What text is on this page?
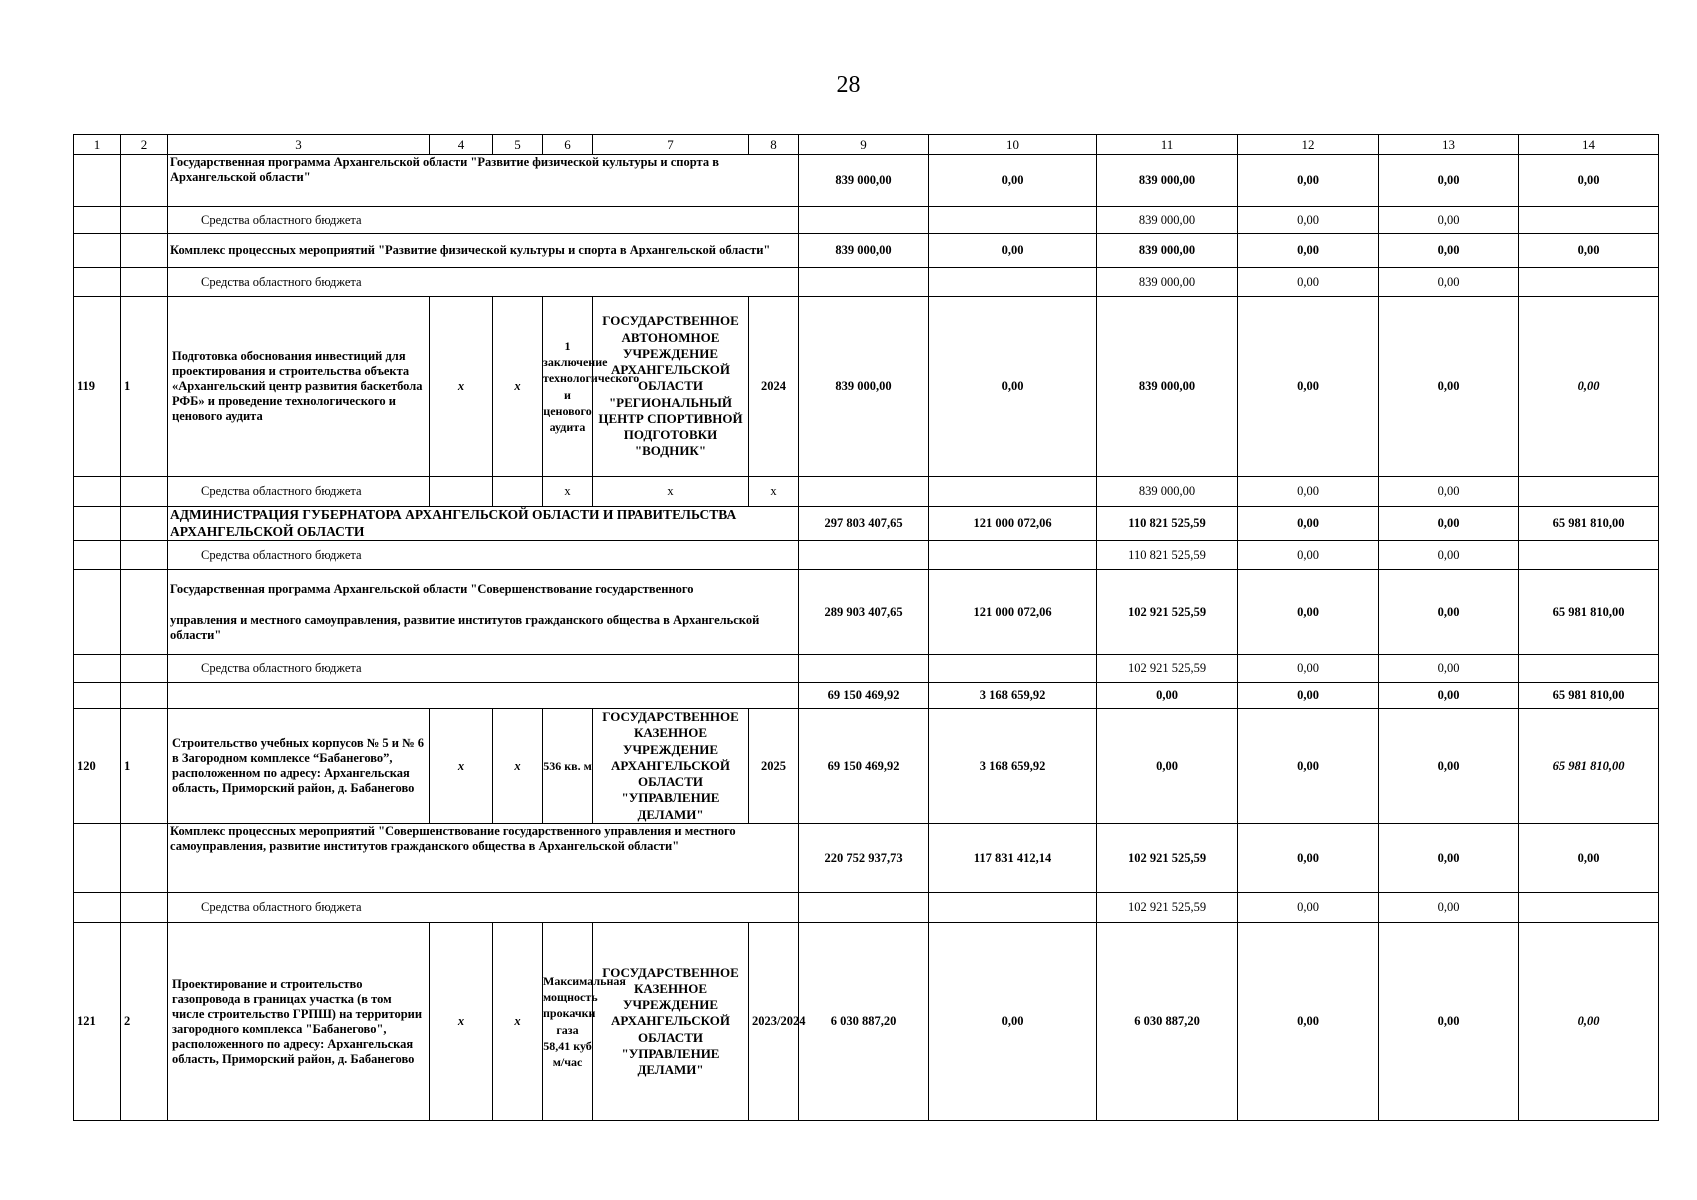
28
1	2	3	4	5	6	7	8	9	10	11	12	13	14
		Государственная программа Архангельской области "Развитие физической культуры и спорта в Архангельской области"						839 000,00	0,00	839 000,00	0,00	0,00	0,00
		Средства областного бюджета								839 000,00	0,00	0,00	
		Комплекс процессных мероприятий "Развитие физической культуры и спорта в Архангельской области"						839 000,00	0,00	839 000,00	0,00	0,00	0,00
		Средства областного бюджета								839 000,00	0,00	0,00	
119	1	Подготовка обоснования инвестиций для проектирования и строительства объекта «Архангельский центр развития баскетбола РФБ» и проведение технологического и ценового аудита	x	x	1 заключение технологического и ценового аудита	ГОСУДАРСТВЕННОЕ АВТОНОМНОЕ УЧРЕЖДЕНИЕ АРХАНГЕЛЬСКОЙ ОБЛАСТИ "РЕГИОНАЛЬНЫЙ ЦЕНТР СПОРТИВНОЙ ПОДГОТОВКИ "ВОДНИК"	2024	839 000,00	0,00	839 000,00	0,00	0,00	0,00
		Средства областного бюджета			x	x	x			839 000,00	0,00	0,00	
		АДМИНИСТРАЦИЯ ГУБЕРНАТОРА АРХАНГЕЛЬСКОЙ ОБЛАСТИ И ПРАВИТЕЛЬСТВА АРХАНГЕЛЬСКОЙ ОБЛАСТИ						297 803 407,65	121 000 072,06	110 821 525,59	0,00	0,00	65 981 810,00
		Средства областного бюджета								110 821 525,59	0,00	0,00	

		Государственная программа Архангельской области "Совершенствование государственного
управления и местного самоуправления, развитие институтов гражданского общества в Архангельской области"						289 903 407,65	121 000 072,06	102 921 525,59	0,00	0,00	65 981 810,00
		Средства областного бюджета								102 921 525,59	0,00	0,00	
								69 150 469,92	3 168 659,92	0,00	0,00	0,00	65 981 810,00
120	1	Строительство учебных корпусов № 5 и № 6 в Загородном комплексе “Бабанегово”, расположенном по адресу: Архангельская область, Приморский район, д. Бабанегово	x	x	536 кв. м	ГОСУДАРСТВЕННОЕ КАЗЕННОЕ УЧРЕЖДЕНИЕ АРХАНГЕЛЬСКОЙ ОБЛАСТИ "УПРАВЛЕНИЕ ДЕЛАМИ"	2025	69 150 469,92	3 168 659,92	0,00	0,00	0,00	65 981 810,00
		Комплекс процессных мероприятий "Совершенствование государственного управления и местного самоуправления, развитие институтов гражданского общества в Архангельской области"						220 752 937,73	117 831 412,14	102 921 525,59	0,00	0,00	0,00
		Средства областного бюджета								102 921 525,59	0,00	0,00	
121	2	Проектирование и строительство газопровода в границах участка (в том числе строительство ГРПШ) на территории загородного комплекса "Бабанегово", расположенного по адресу: Архангельская область, Приморский район, д. Бабанегово	x	x	Максимальная мощность прокачки газа 58,41 куб м/час	ГОСУДАРСТВЕННОЕ КАЗЕННОЕ УЧРЕЖДЕНИЕ АРХАНГЕЛЬСКОЙ ОБЛАСТИ "УПРАВЛЕНИЕ ДЕЛАМИ"	2023/2024	6 030 887,20	0,00	6 030 887,20	0,00	0,00	0,00
